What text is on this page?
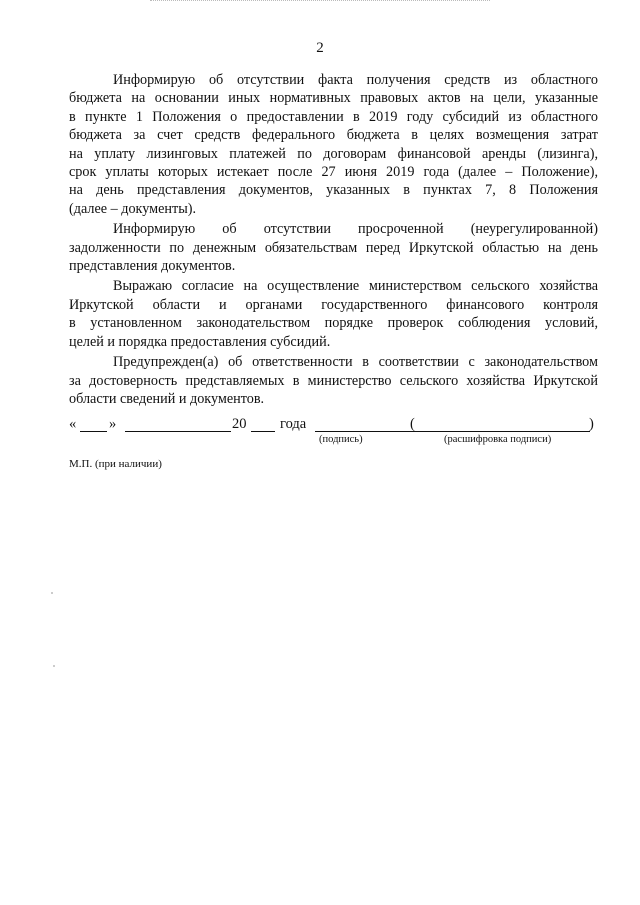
2

Информирую об отсутствии факта получения средств из областного
бюджета на основании иных нормативных правовых актов на цели, указанные
в пункте 1 Положения о предоставлении в 2019 году субсидий из областного
бюджета за счет средств федерального бюджета в целях возмещения затрат
на уплату лизинговых платежей по договорам финансовой аренды (лизинга),
срок уплаты которых истекает после 27 июня 2019 года (далее – Положение),
на день представления документов, указанных в пунктах 7, 8 Положения
(далее – документы).

Информирую об отсутствии просроченной (неурегулированной)
задолженности по денежным обязательствам перед Иркутской областью на день
представления документов.

Выражаю согласие на осуществление министерством сельского хозяйства
Иркутской области и органами государственного финансового контроля
в установленном законодательством порядке проверок соблюдения условий,
целей и порядка предоставления субсидий.

Предупрежден(а) об ответственности в соответствии с законодательством
за достоверность представляемых в министерство сельского хозяйства Иркутской
области сведений и документов.

« »	20 года	(	)
(подпись)	(расшифровка подписи)
М.П. (при наличии)
